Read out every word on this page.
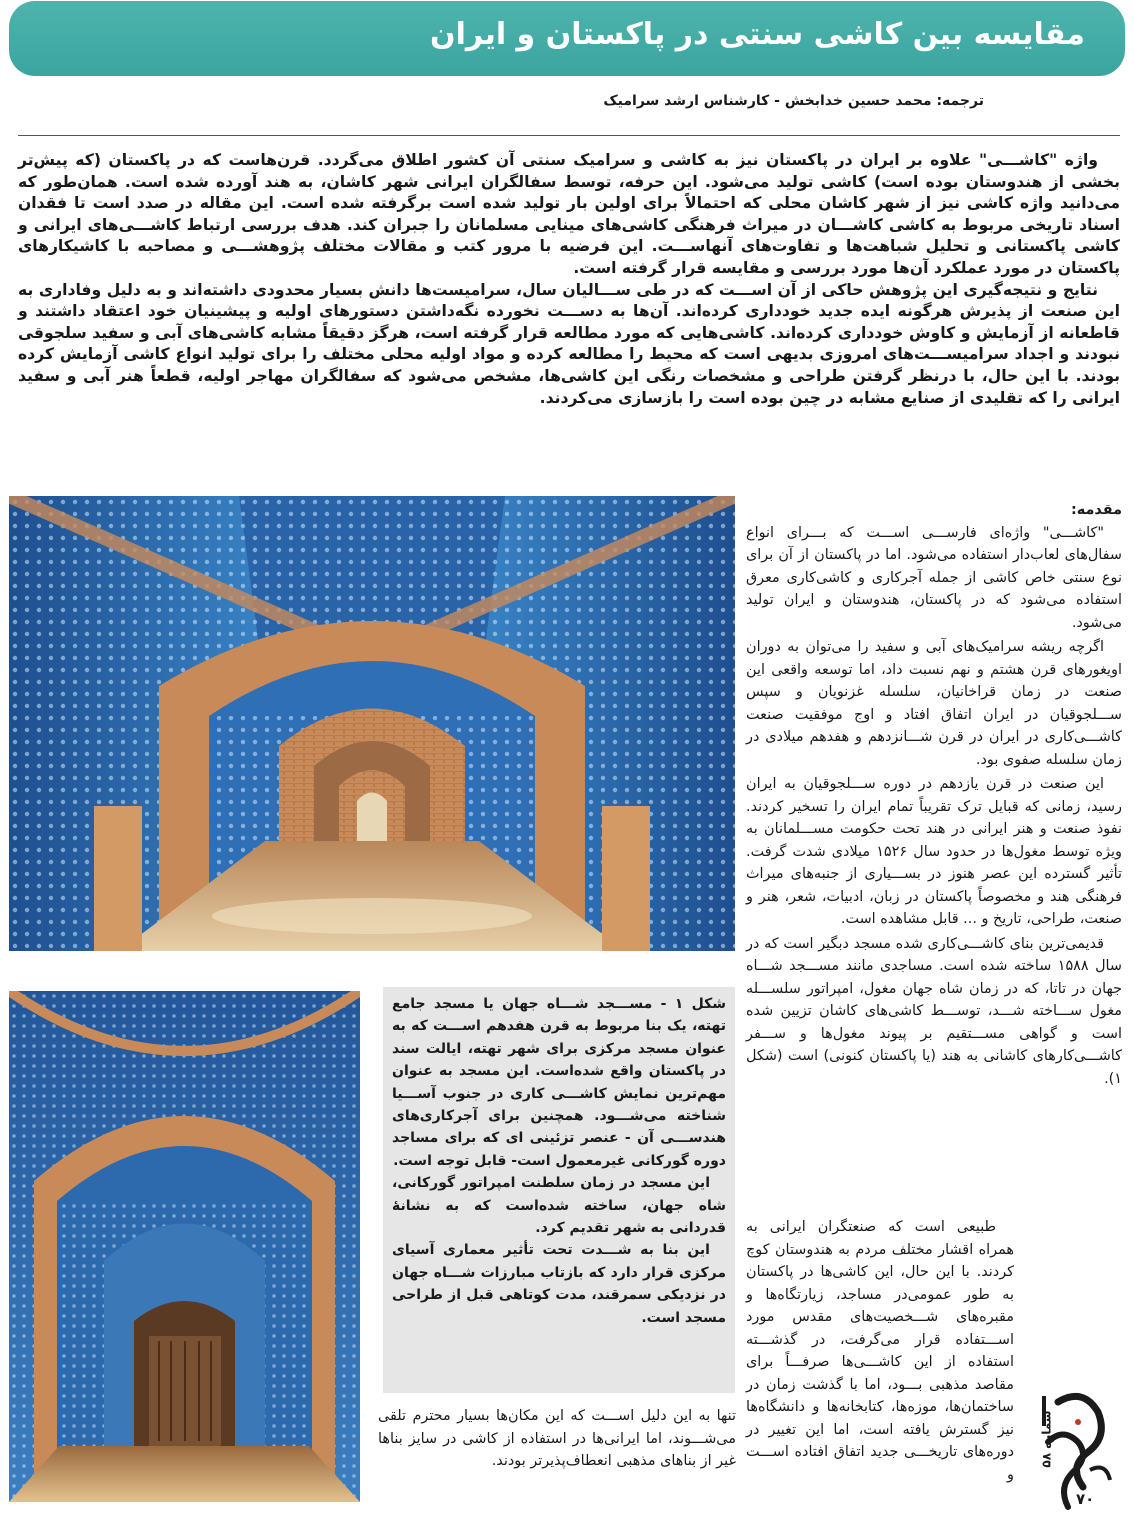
مقایسه بین کاشی سنتی در پاکستان و ایران
ترجمه: محمد حسین خدابخش - کارشناس ارشد سرامیک

واژه "کاشـــی" علاوه بر ایران در پاکستان نیز به کاشی و سرامیک سنتی آن کشور اطلاق می‌گردد. قرن‌هاست که در پاکستان (که پیش‌تر بخشی از هندوستان بوده است) کاشی تولید می‌شود. این حرفه، توسط سفالگران ایرانی شهر کاشان، به هند آورده شده است. همان‌طور که می‌دانید واژه کاشی نیز از شهر کاشان محلی که احتمالاً برای اولین بار تولید شده است برگرفته شده است. این مقاله در صدد است تا فقدان اسناد تاریخی مربوط به کاشی کاشـــان در میراث فرهنگی کاشی‌های مینایی مسلمانان را جبران کند. هدف بررسی ارتباط کاشـــی‌های ایرانی و کاشی پاکستانی و تحلیل شباهت‌ها و تفاوت‌های آنهاســـت. این فرضیه با مرور کتب و مقالات مختلف پژوهشـــی و مصاحبه با کاشیکارهای پاکستان در مورد عملکرد آن‌ها مورد بررسی و مقایسه قرار گرفته است.

نتایج و نتیجه‌گیری این پژوهش حاکی از آن اســـت که در طی ســـالیان سال، سرامیست‌ها دانش بسیار محدودی داشته‌اند و به دلیل وفاداری به این صنعت از پذیرش هرگونه ایده جدید خودداری کرده‌اند. آن‌ها به دســـت نخورده نگه‌داشتن دستورهای اولیه و پیشینیان خود اعتقاد داشتند و قاطعانه از آزمایش و کاوش خودداری کرده‌اند. کاشی‌هایی که مورد مطالعه قرار گرفته است، هرگز دقیقاً مشابه کاشی‌های آبی و سفید سلجوقی نبودند و اجداد سرامیســـت‌های امروزی بدیهی است که محیط را مطالعه کرده و مواد اولیه محلی مختلف را برای تولید انواع کاشی آزمایش کرده بودند. با این حال، با درنظر گرفتن طراحی و مشخصات رنگی این کاشی‌ها، مشخص می‌شود که سفالگران مهاجر اولیه، قطعاً هنر آبی و سفید ایرانی را که تقلیدی از صنایع مشابه در چین بوده است را بازسازی می‌کردند.

مقدمه:

"کاشـــی" واژه‌ای فارســـی اســـت که بـــرای انواع سفال‌های لعاب‌دار استفاده می‌شود. اما در پاکستان از آن برای نوع سنتی خاص کاشی از جمله آجرکاری و کاشی‌کاری معرق استفاده می‌شود که در پاکستان، هندوستان و ایران تولید می‌شود.

اگرچه ریشه سرامیک‌های آبی و سفید را می‌توان به دوران اویغورهای قرن هشتم و نهم نسبت داد، اما توسعه واقعی این صنعت در زمان قراخانیان، سلسله غزنویان و سپس ســـلجوقیان در ایران اتفاق افتاد و اوج موفقیت صنعت کاشـــی‌کاری در ایران در قرن شـــانزدهم و هفدهم میلادی در زمان سلسله صفوی بود.

این صنعت در قرن یازدهم در دوره ســـلجوقیان به ایران رسید، زمانی که قبایل ترک تقریباً تمام ایران را تسخیر کردند. نفوذ صنعت و هنر ایرانی در هند تحت حکومت مســـلمانان به ویژه توسط مغول‌ها در حدود سال ۱۵۲۶ میلادی شدت گرفت. تأثیر گسترده این عصر هنوز در بســـیاری از جنبه‌های میراث فرهنگی هند و مخصوصاً پاکستان در زبان، ادبیات، شعر، هنر و صنعت، طراحی، تاریخ و ... قابل مشاهده است.

قدیمی‌ترین بنای کاشـــی‌کاری شده مسجد دبگیر است که در سال ۱۵۸۸ ساخته شده است. مساجدی مانند مســـجد شـــاه جهان در تاتا، که در زمان شاه جهان مغول، امپراتور سلســـله مغول ســـاخته شـــد، توســـط کاشی‌های کاشان تزیین شده است و گواهی مســـتقیم بر پیوند مغول‌ها و ســـفر کاشـــی‌کارهای کاشانی به هند (یا پاکستان کنونی) است (شکل ۱).

طبیعی است که صنعتگران ایرانی به همراه اقشار مختلف مردم به هندوستان کوچ کردند. با این حال، این کاشی‌ها در پاکستان به طور عمومی‌در مساجد، زیارتگاه‌ها و مقبره‌های شـــخصیت‌های مقدس مورد اســـتفاده قرار می‌گرفت، در گذشـــته استفاده از این کاشـــی‌ها صرفـــاً برای مقاصد مذهبی بـــود، اما با گذشت زمان در ساختمان‌ها، موزه‌ها، کتابخانه‌ها و دانشگاه‌ها نیز گسترش یافته است، اما این تغییر در دوره‌های تاریخـــی جدید اتفاق افتاده اســـت و

شکل ۱ - مســـجد شـــاه جهان یا مسجد جامع تهته، یک بنا مربوط به قرن هفدهم اســـت که به عنوان مسجد مرکزی برای شهر تهته، ایالت سند در پاکستان واقع شده‌است. این مسجد به عنوان مهم‌ترین نمایش کاشـــی کاری در جنوب آســـیا شناخته می‌شـــود. همچنین برای آجرکاری‌های هندســـی آن - عنصر تزئینی ای که برای مساجد دوره گورکانی غیرمعمول است- قابل توجه است.

این مسجد در زمان سلطنت امپراتور گورکانی، شاه جهان، ساخته شده‌است که به نشانهٔ قدردانی به شهر تقدیم کرد.

این بنا به شـــدت تحت تأثیر معماری آسیای مرکزی قرار دارد که بازتاب مبارزات شـــاه جهان در نزدیکی سمرقند، مدت کوتاهی قبل از طراحی مسجد است.

تنها به این دلیل اســـت که این مکان‌ها بسیار محترم تلقی می‌شـــوند، اما ایرانی‌ها در استفاده از کاشی در سایز بناها غیر از بناهای مذهبی انعطاف‌پذیرتر بودند.	شماره ۵۸
۷۰
